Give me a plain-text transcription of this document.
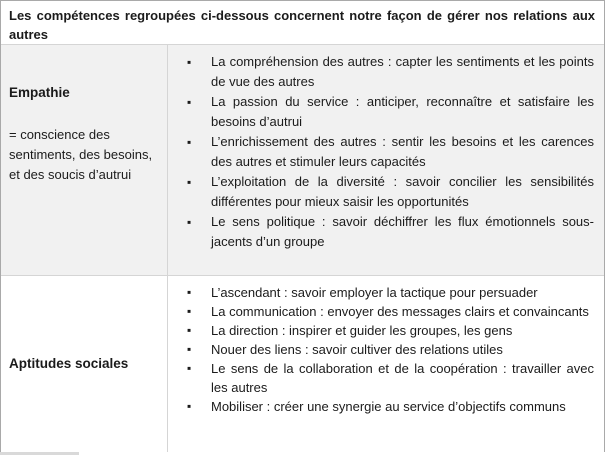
Les compétences regroupées ci-dessous concernent notre façon de gérer nos relations aux autres
Empathie
= conscience des sentiments, des besoins, et des soucis d’autrui
▪	La compréhension des autres : capter les sentiments et les points de vue des autres
▪	La passion du service : anticiper, reconnaître et satisfaire les besoins d’autrui
▪	L’enrichissement des autres : sentir les besoins et les carences des autres et stimuler leurs capacités
▪	L’exploitation de la diversité : savoir concilier les sensibilités différentes pour mieux saisir les opportunités
▪	Le sens politique : savoir déchiffrer les flux émotionnels sous-jacents d’un groupe
Aptitudes sociales
▪	L’ascendant : savoir employer la tactique pour persuader
▪	La communication : envoyer des messages clairs et convaincants
▪	La direction : inspirer et guider les groupes, les gens
▪	Nouer des liens : savoir cultiver des relations utiles
▪	Le sens de la collaboration et de la coopération : travailler avec les autres
▪	Mobiliser : créer une synergie au service d’objectifs communs
